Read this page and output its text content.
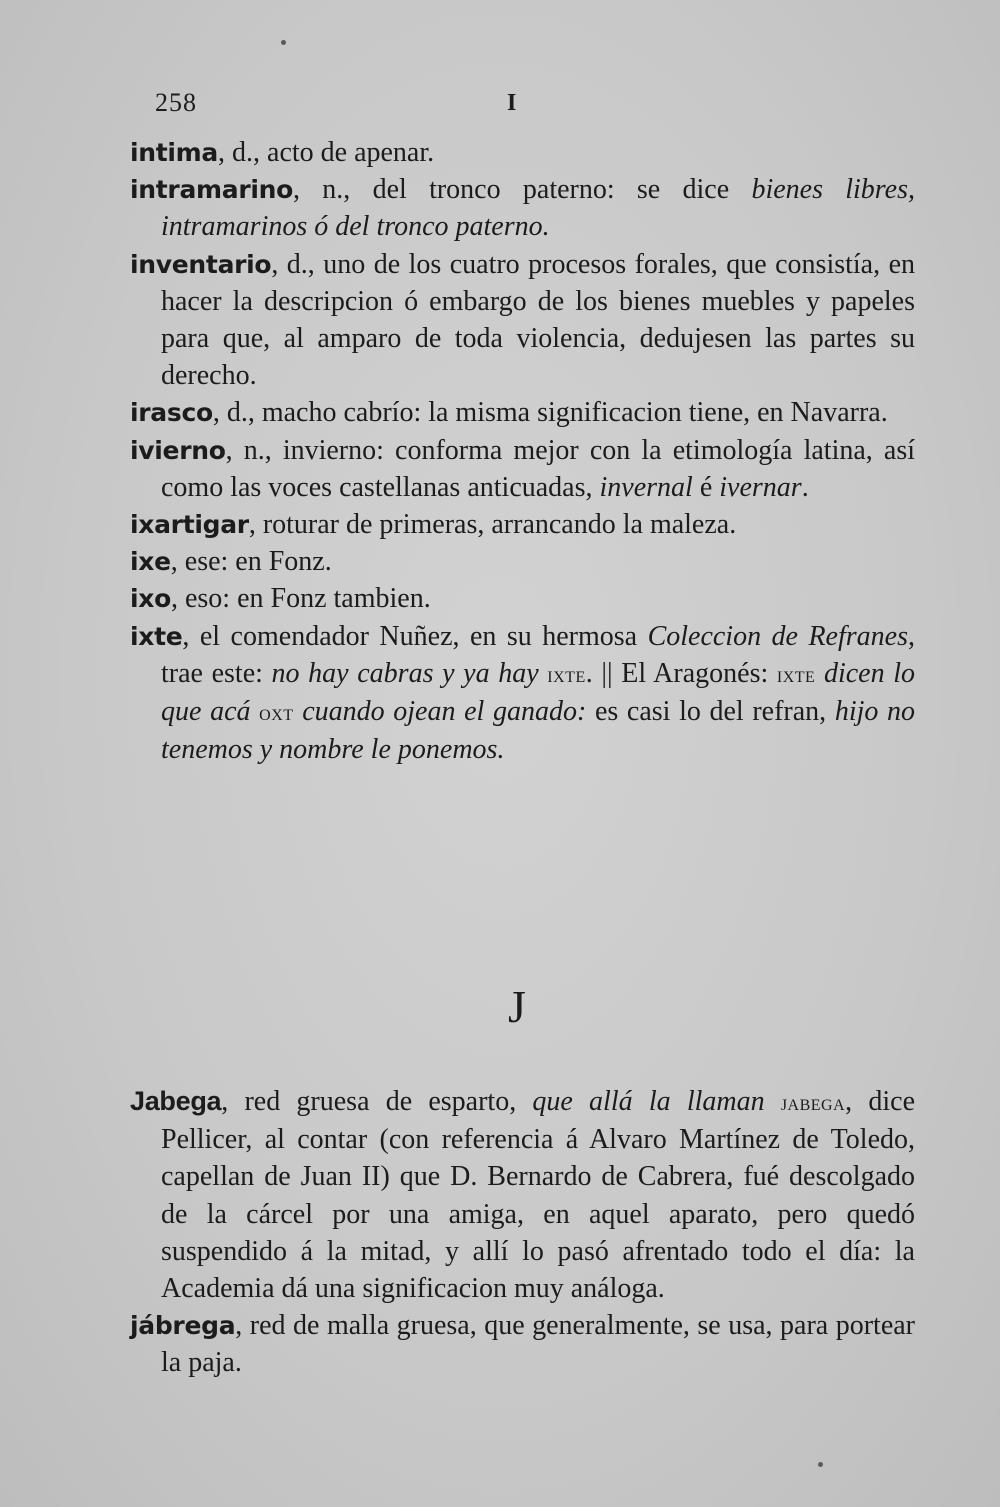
258	I

intima, d., acto de apenar.

intramarino, n., del tronco paterno: se dice bienes libres, intramarinos ó del tronco paterno.

inventario, d., uno de los cuatro procesos forales, que consistía, en hacer la descripcion ó embargo de los bienes muebles y papeles para que, al amparo de toda violencia, dedujesen las partes su derecho.

irasco, d., macho cabrío: la misma significacion tiene, en Navarra.

ivierno, n., invierno: conforma mejor con la etimología latina, así como las voces castellanas anticuadas, invernal é ivernar.

ixartigar, roturar de primeras, arrancando la maleza.

ixe, ese: en Fonz.

ixo, eso: en Fonz tambien.

ixte, el comendador Nuñez, en su hermosa Coleccion de Refranes, trae este: no hay cabras y ya hay ixte. || El Aragonés: ixte dicen lo que acá oxt cuando ojean el ganado: es casi lo del refran, hijo no tenemos y nombre le ponemos.

J

Jabega, red gruesa de esparto, que allá la llaman jabega, dice Pellicer, al contar (con referencia á Alvaro Martínez de Toledo, capellan de Juan II) que D. Bernardo de Cabrera, fué descolgado de la cárcel por una amiga, en aquel aparato, pero quedó suspendido á la mitad, y allí lo pasó afrentado todo el día: la Academia dá una significacion muy análoga.

jábrega, red de malla gruesa, que generalmente, se usa, para portear la paja.
